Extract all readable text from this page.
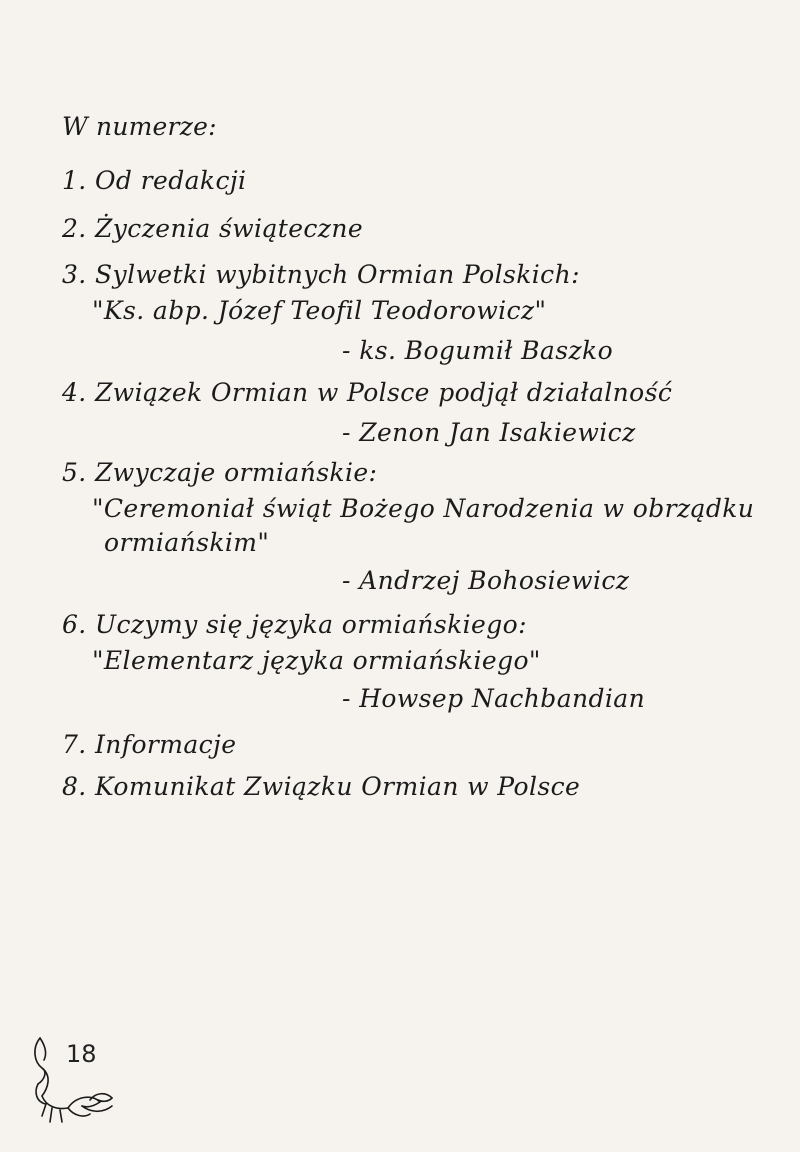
W numerze:
1. Od redakcji
2. Życzenia świąteczne
3. Sylwetki wybitnych Ormian Polskich:
"Ks. abp. Józef Teofil Teodorowicz"
- ks. Bogumił Baszko
4. Związek Ormian w Polsce podjął działalność
- Zenon Jan Isakiewicz
5. Zwyczaje ormiańskie:
"Ceremoniał świąt Bożego Narodzenia w obrządku
ormiańskim"
- Andrzej Bohosiewicz
6. Uczymy się języka ormiańskiego:
"Elementarz języka ormiańskiego"
- Howsep Nachbandian
7. Informacje
8. Komunikat Związku Ormian w Polsce
18
